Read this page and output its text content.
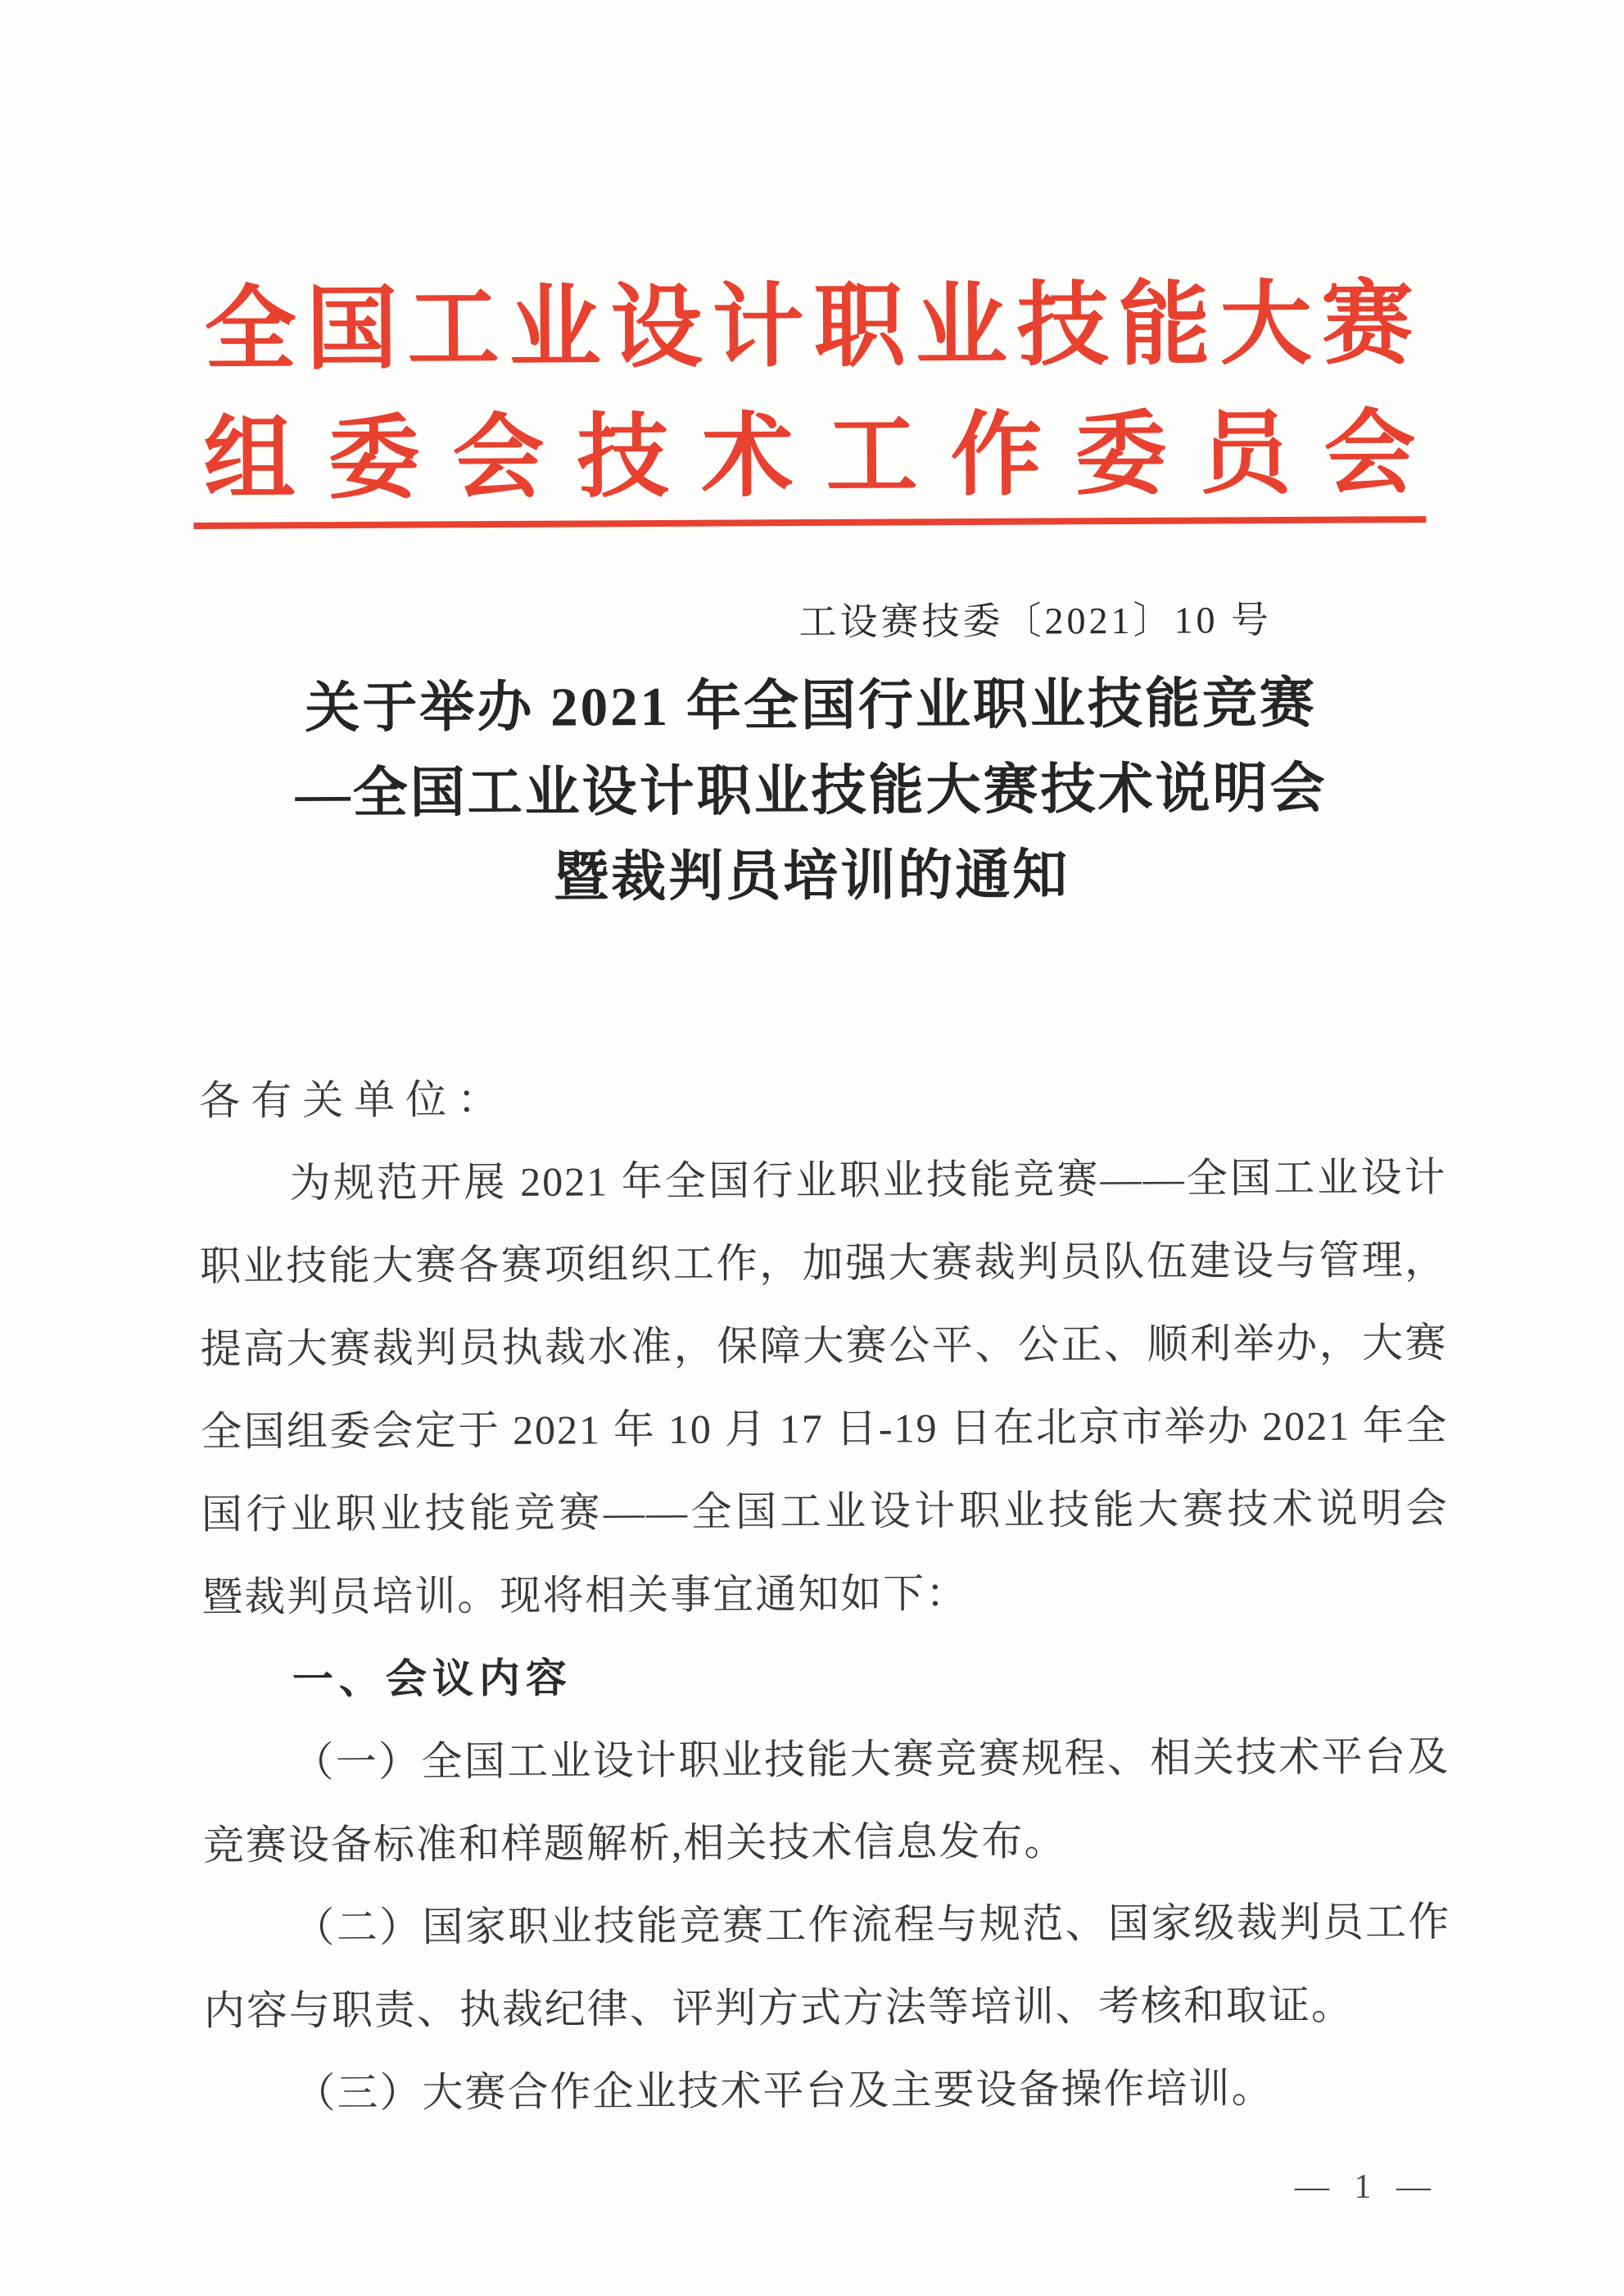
全国工业设计职业技能大赛
组委会技术工作委员会
工设赛技委〔2021〕10 号
关于举办 2021 年全国行业职业技能竞赛
—全国工业设计职业技能大赛技术说明会
暨裁判员培训的通知

各有关单位：

为规范开展 2021 年全国行业职业技能竞赛——全国工业设计

职业技能大赛各赛项组织工作，加强大赛裁判员队伍建设与管理，

提高大赛裁判员执裁水准，保障大赛公平、公正、顺利举办，大赛

全国组委会定于 2021 年 10 月 17 日-19 日在北京市举办 2021 年全

国行业职业技能竞赛——全国工业设计职业技能大赛技术说明会

暨裁判员培训。现将相关事宜通知如下：

一、会议内容

（一）全国工业设计职业技能大赛竞赛规程、相关技术平台及

竞赛设备标准和样题解析,相关技术信息发布。

（二）国家职业技能竞赛工作流程与规范、国家级裁判员工作

内容与职责、执裁纪律、评判方式方法等培训、考核和取证。

（三）大赛合作企业技术平台及主要设备操作培训。

— 1 —
